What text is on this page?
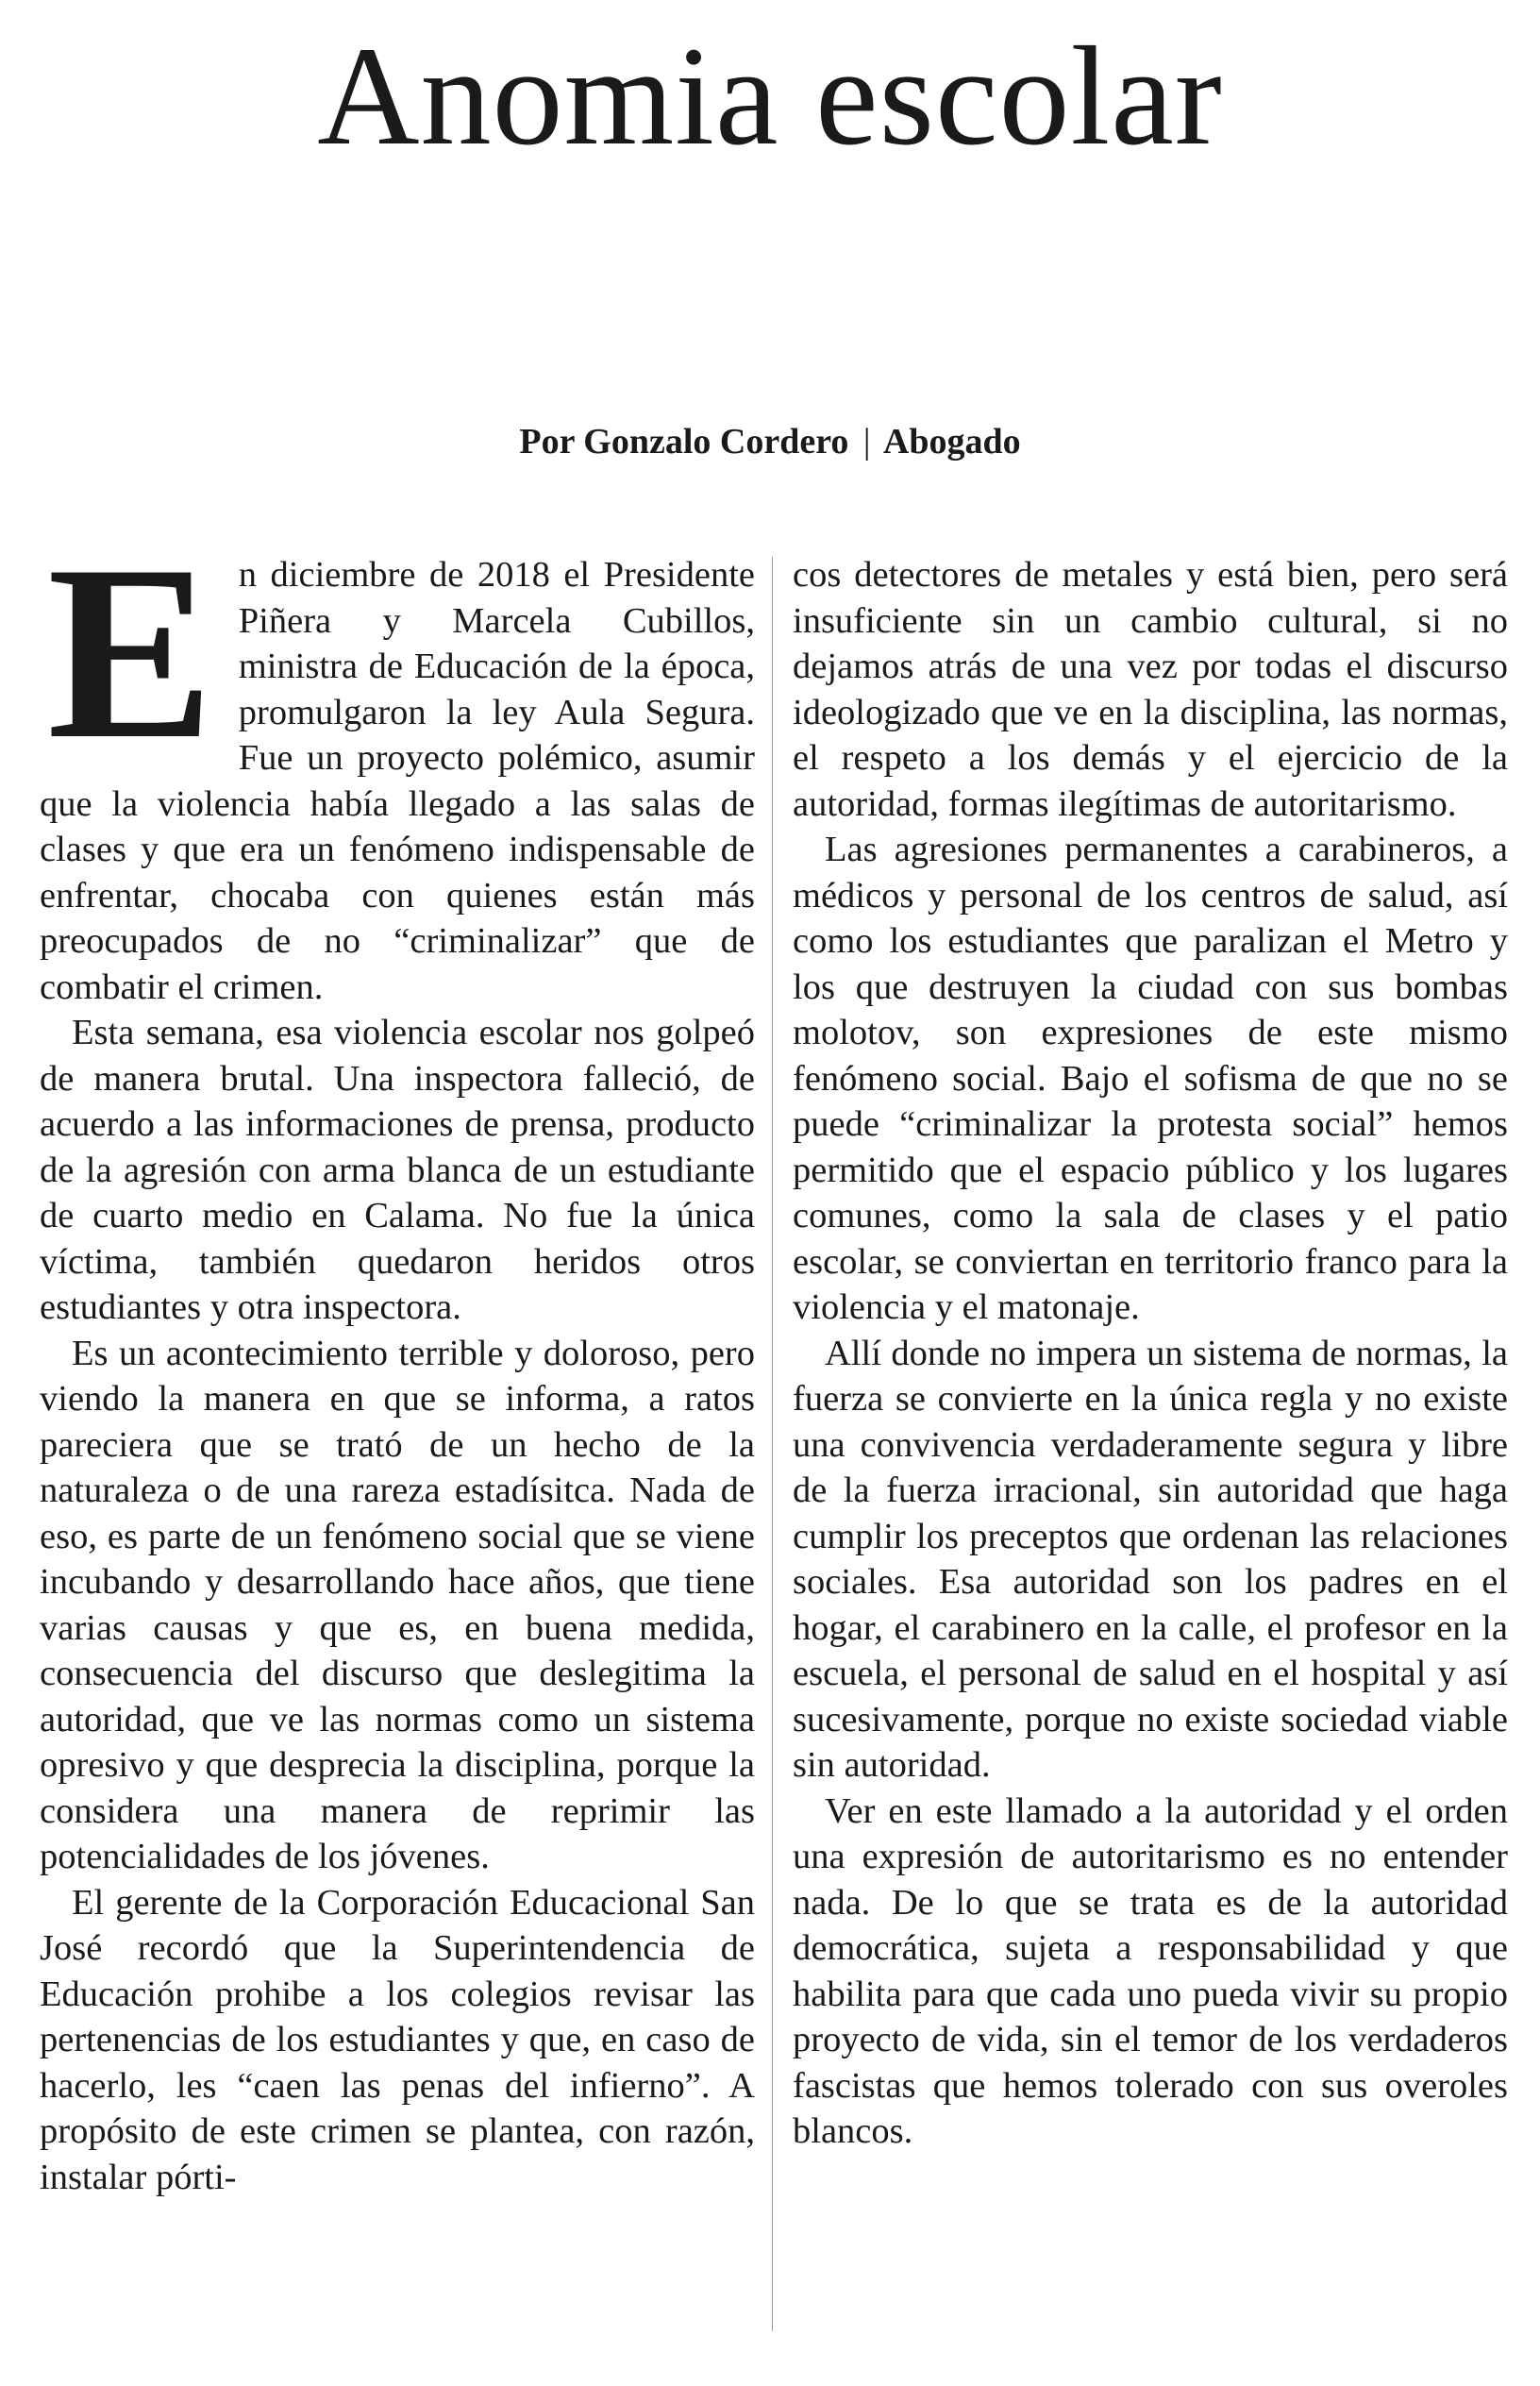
Anomia escolar
Por Gonzalo Cordero | Abogado

En diciembre de 2018 el Presidente Piñera y Marcela Cubillos, ministra de Educación de la época, promulgaron la ley Aula Segura. Fue un proyecto polémico, asumir que la violencia había llegado a las salas de clases y que era un fenómeno indispensable de enfrentar, chocaba con quienes están más preocupados de no “criminalizar” que de combatir el crimen.

Esta semana, esa violencia escolar nos golpeó de manera brutal. Una inspectora falleció, de acuerdo a las informaciones de prensa, producto de la agresión con arma blanca de un estudiante de cuarto medio en Calama. No fue la única víctima, también quedaron heridos otros estudiantes y otra inspectora.

Es un acontecimiento terrible y doloroso, pero viendo la manera en que se informa, a ratos pareciera que se trató de un hecho de la naturaleza o de una rareza estadísitca. Nada de eso, es parte de un fenómeno social que se viene incubando y desarrollando hace años, que tiene varias causas y que es, en buena medida, consecuencia del discurso que deslegitima la autoridad, que ve las normas como un sistema opresivo y que desprecia la disciplina, porque la considera una manera de reprimir las potencialidades de los jóvenes.

El gerente de la Corporación Educacional San José recordó que la Superintendencia de Educación prohibe a los colegios revisar las pertenencias de los estudiantes y que, en caso de hacerlo, les “caen las penas del infierno”. A propósito de este crimen se plantea, con razón, instalar pórti-

cos detectores de metales y está bien, pero será insuficiente sin un cambio cultural, si no dejamos atrás de una vez por todas el discurso ideologizado que ve en la disciplina, las normas, el respeto a los demás y el ejercicio de la autoridad, formas ilegítimas de autoritarismo.

Las agresiones permanentes a carabineros, a médicos y personal de los centros de salud, así como los estudiantes que paralizan el Metro y los que destruyen la ciudad con sus bombas molotov, son expresiones de este mismo fenómeno social. Bajo el sofisma de que no se puede “criminalizar la protesta social” hemos permitido que el espacio público y los lugares comunes, como la sala de clases y el patio escolar, se conviertan en territorio franco para la violencia y el matonaje.

Allí donde no impera un sistema de normas, la fuerza se convierte en la única regla y no existe una convivencia verdaderamente segura y libre de la fuerza irracional, sin autoridad que haga cumplir los preceptos que ordenan las relaciones sociales. Esa autoridad son los padres en el hogar, el carabinero en la calle, el profesor en la escuela, el personal de salud en el hospital y así sucesivamente, porque no existe sociedad viable sin autoridad.

Ver en este llamado a la autoridad y el orden una expresión de autoritarismo es no entender nada. De lo que se trata es de la autoridad democrática, sujeta a responsabilidad y que habilita para que cada uno pueda vivir su propio proyecto de vida, sin el temor de los verdaderos fascistas que hemos tolerado con sus overoles blancos.
